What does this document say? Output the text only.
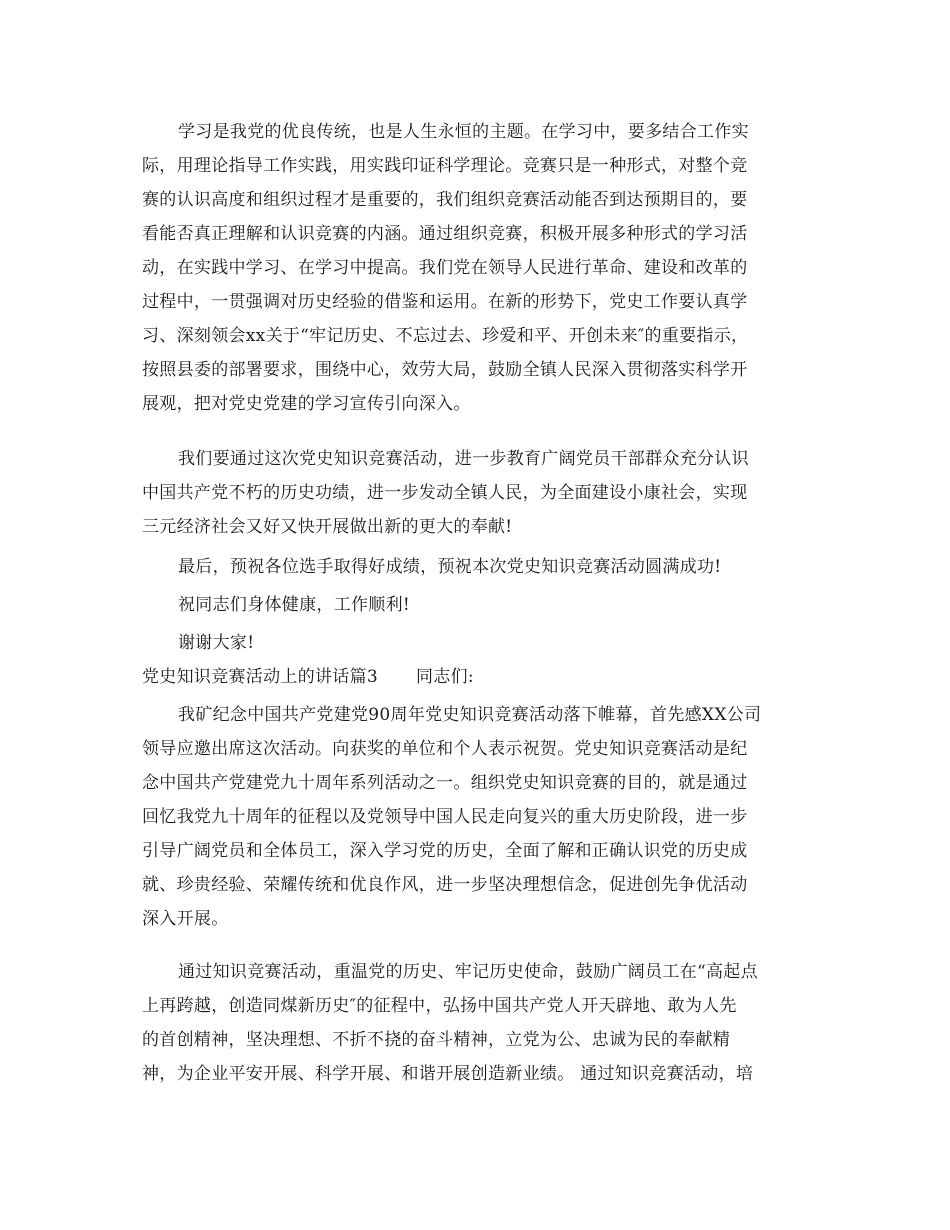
学习是我党的优良传统，也是人生永恒的主题。在学习中，要多结合工作实
际，用理论指导工作实践，用实践印证科学理论。竞赛只是一种形式，对整个竞
赛的认识高度和组织过程才是重要的，我们组织竞赛活动能否到达预期目的，要
看能否真正理解和认识竞赛的内涵。通过组织竞赛，积极开展多种形式的学习活
动，在实践中学习、在学习中提高。我们党在领导人民进行革命、建设和改革的
过程中，一贯强调对历史经验的借鉴和运用。在新的形势下，党史工作要认真学
习、深刻领会xx关于“牢记历史、不忘过去、珍爱和平、开创未来″的重要指示，
按照县委的部署要求，围绕中心，效劳大局，鼓励全镇人民深入贯彻落实科学开
展观，把对党史党建的学习宣传引向深入。
我们要通过这次党史知识竞赛活动，进一步教育广阔党员干部群众充分认识
中国共产党不朽的历史功绩，进一步发动全镇人民，为全面建设小康社会，实现
三元经济社会又好又快开展做出新的更大的奉献!
最后，预祝各位选手取得好成绩，预祝本次党史知识竞赛活动圆满成功!
祝同志们身体健康，工作顺利!
谢谢大家!
党史知识竞赛活动上的讲话篇3 同志们:
我矿纪念中国共产党建党90周年党史知识竞赛活动落下帷幕，首先感XX公司
领导应邀出席这次活动。向获奖的单位和个人表示祝贺。党史知识竞赛活动是纪
念中国共产党建党九十周年系列活动之一。组织党史知识竞赛的目的，就是通过
回忆我党九十周年的征程以及党领导中国人民走向复兴的重大历史阶段，进一步
引导广阔党员和全体员工，深入学习党的历史，全面了解和正确认识党的历史成
就、珍贵经验、荣耀传统和优良作风，进一步坚决理想信念，促进创先争优活动
深入开展。
通过知识竞赛活动，重温党的历史、牢记历史使命，鼓励广阔员工在“高起点
上再跨越，创造同煤新历史″的征程中，弘扬中国共产党人开天辟地、敢为人先
的首创精神，坚决理想、不折不挠的奋斗精神，立党为公、忠诚为民的奉献精
神，为企业平安开展、科学开展、和谐开展创造新业绩。 通过知识竞赛活动，培
